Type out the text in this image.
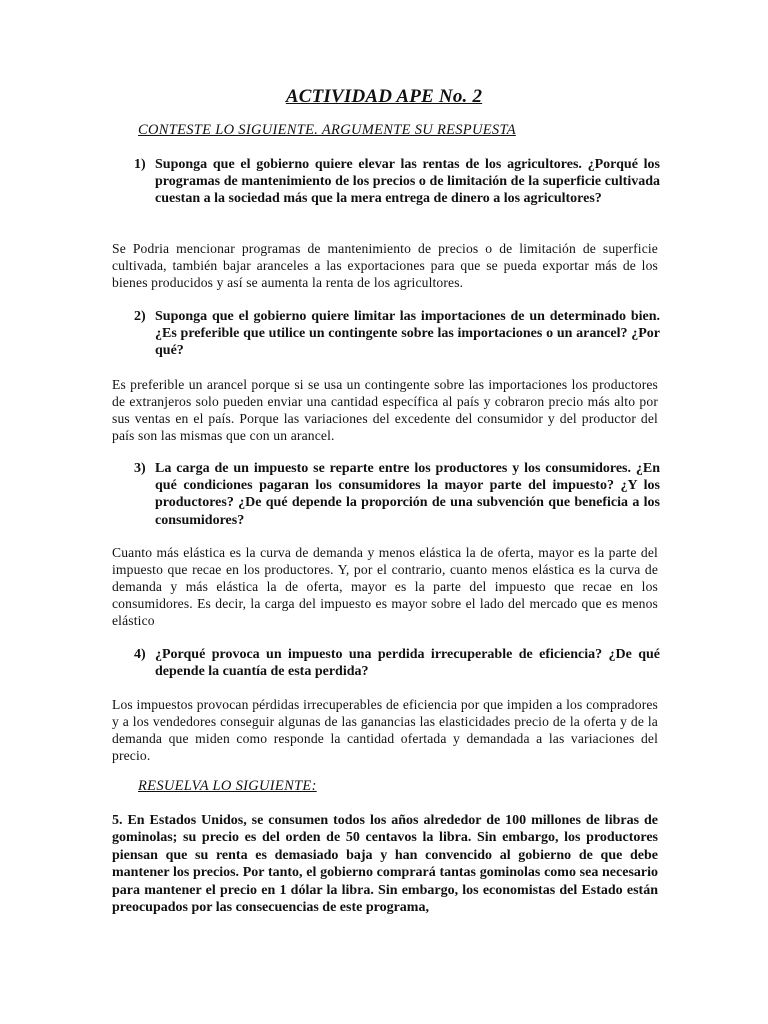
ACTIVIDAD APE No. 2
CONTESTE LO SIGUIENTE. ARGUMENTE SU RESPUESTA
1) Suponga que el gobierno quiere elevar las rentas de los agricultores. ¿Porqué los programas de mantenimiento de los precios o de limitación de la superficie cultivada cuestan a la sociedad más que la mera entrega de dinero a los agricultores?
Se Podria mencionar programas de mantenimiento de precios o de limitación de superficie cultivada, también bajar aranceles a las exportaciones para que se pueda exportar más de los bienes producidos y así se aumenta la renta de los agricultores.
2) Suponga que el gobierno quiere limitar las importaciones de un determinado bien. ¿Es preferible que utilice un contingente sobre las importaciones o un arancel? ¿Por qué?
Es preferible un arancel porque si se usa un contingente sobre las importaciones los productores de extranjeros solo pueden enviar una cantidad específica al país y cobraron precio más alto por sus ventas en el país. Porque las variaciones del excedente del consumidor y del productor del país son las mismas que con un arancel.
3) La carga de un impuesto se reparte entre los productores y los consumidores. ¿En qué condiciones pagaran los consumidores la mayor parte del impuesto? ¿Y los productores? ¿De qué depende la proporción de una subvención que beneficia a los consumidores?
Cuanto más elástica es la curva de demanda y menos elástica la de oferta, mayor es la parte del impuesto que recae en los productores. Y, por el contrario, cuanto menos elástica es la curva de demanda y más elástica la de oferta, mayor es la parte del impuesto que recae en los consumidores. Es decir, la carga del impuesto es mayor sobre el lado del mercado que es menos elástico
4) ¿Porqué provoca un impuesto una perdida irrecuperable de eficiencia? ¿De qué depende la cuantía de esta perdida?
Los impuestos provocan pérdidas irrecuperables de eficiencia por que impiden a los compradores y a los vendedores conseguir algunas de las ganancias las elasticidades precio de la oferta y de la demanda que miden como responde la cantidad ofertada y demandada a las variaciones del precio.
RESUELVA LO SIGUIENTE:
5. En Estados Unidos, se consumen todos los años alrededor de 100 millones de libras de gominolas; su precio es del orden de 50 centavos la libra. Sin embargo, los productores piensan que su renta es demasiado baja y han convencido al gobierno de que debe mantener los precios. Por tanto, el gobierno comprará tantas gominolas como sea necesario para mantener el precio en 1 dólar la libra. Sin embargo, los economistas del Estado están preocupados por las consecuencias de este programa,
